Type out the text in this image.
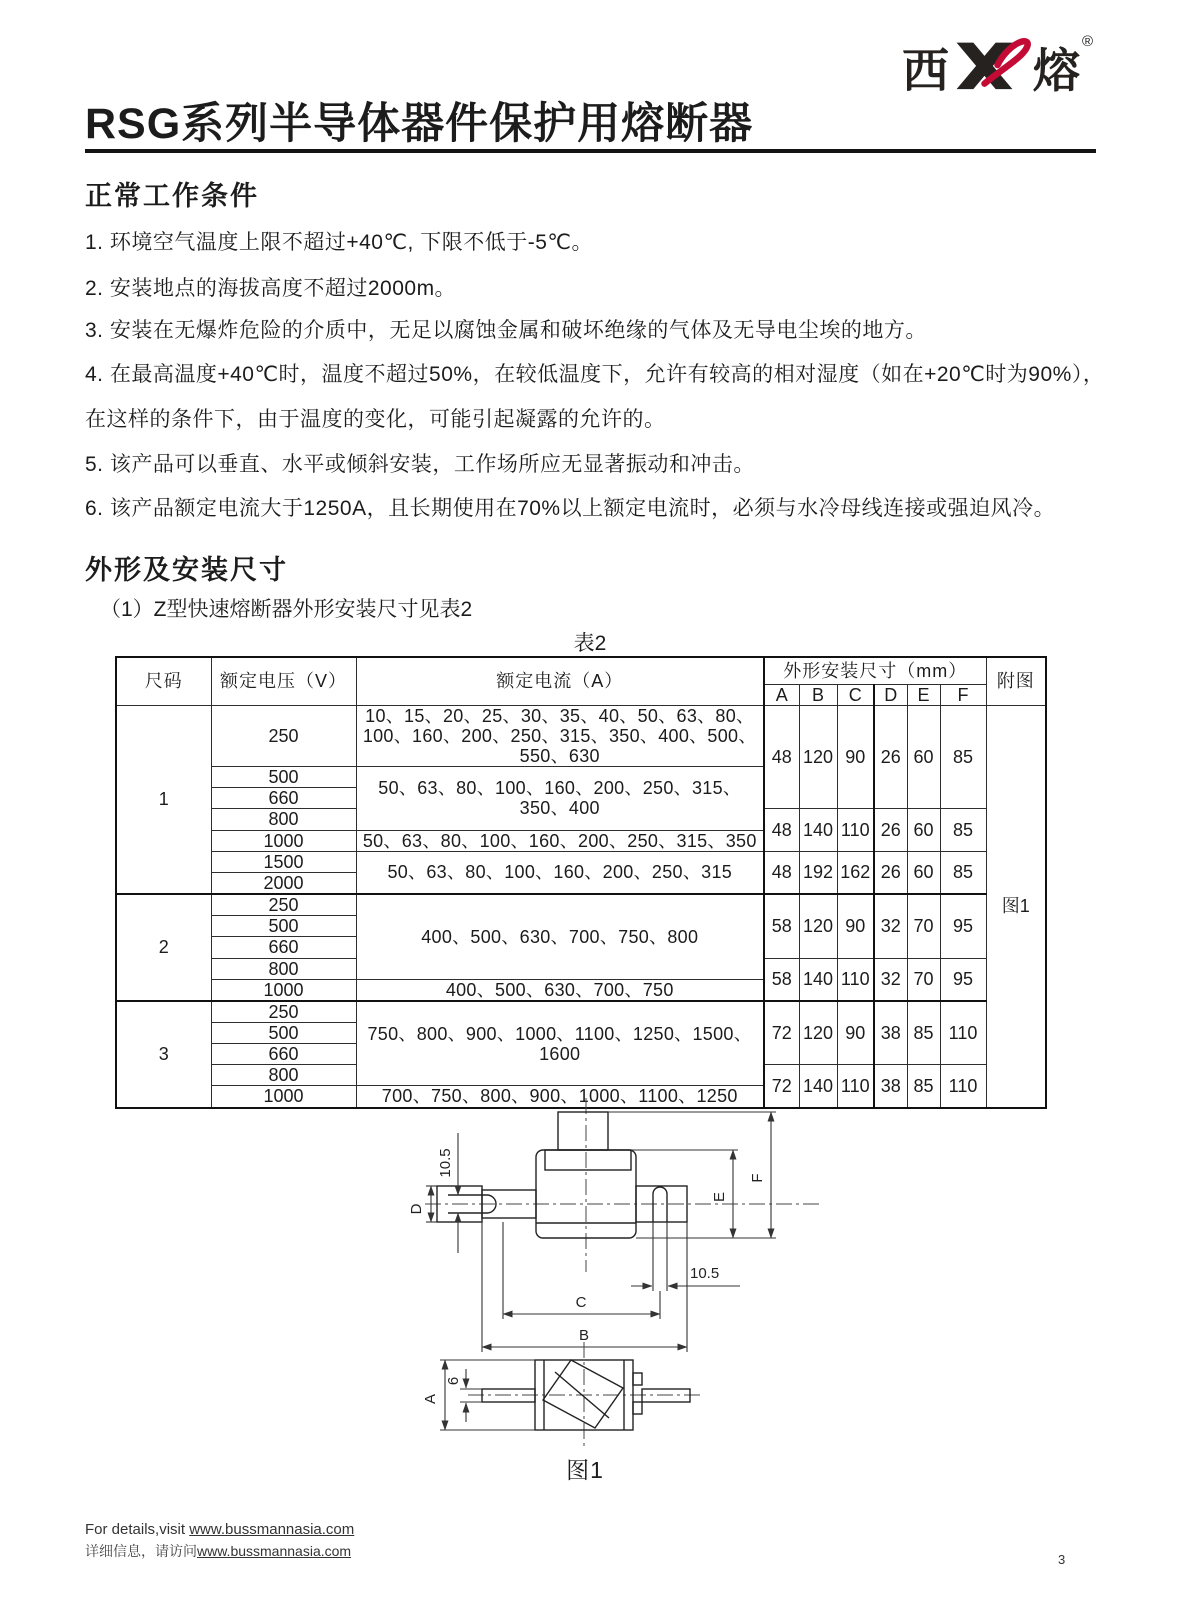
西 熔
®
RSG系列半导体器件保护用熔断器
正常工作条件
1. 环境空气温度上限不超过+40℃, 下限不低于-5℃。
2. 安装地点的海拔高度不超过2000m。
3. 安装在无爆炸危险的介质中，无足以腐蚀金属和破坏绝缘的气体及无导电尘埃的地方。
4. 在最高温度+40℃时，温度不超过50%，在较低温度下，允许有较高的相对湿度（如在+20℃时为90%），
在这样的条件下，由于温度的变化，可能引起凝露的允许的。
5. 该产品可以垂直、水平或倾斜安装，工作场所应无显著振动和冲击。
6. 该产品额定电流大于1250A，且长期使用在70%以上额定电流时，必须与水冷母线连接或强迫风冷。
外形及安装尺寸
（1）Z型快速熔断器外形安装尺寸见表2
表2
尺码	额定电压（V）	额定电流（A）	外形安装尺寸（mm）						附图
			A	B	C	D	E	F	
1	250	10、15、20、25、30、35、40、50、63、80、100、160、200、250、315、350、400、500、550、630	48	120	90	26	60	85	图1
	500	50、63、80、100、160、200、250、315、350、400							
	660								
	800		48	140	110	26	60	85	
	1000	50、63、80、100、160、200、250、315、350							
	1500	50、63、80、100、160、200、250、315	48	192	162	26	60	85	
	2000								
2	250	400、500、630、700、750、800	58	120	90	32	70	95	
	500								
	660								
	800		58	140	110	32	70	95	
	1000	400、500、630、700、750							
3	250	750、800、900、1000、1100、1250、1500、1600	72	120	90	38	85	110	
	500								
	660								
	800		72	140	110	38	85	110	
	1000	700、750、800、900、1000、1100、1250							
D
10.5
E
F
10.5
C
B
A
6
图1
For details,visit www.bussmannasia.com
详细信息，请访问www.bussmannasia.com
3
